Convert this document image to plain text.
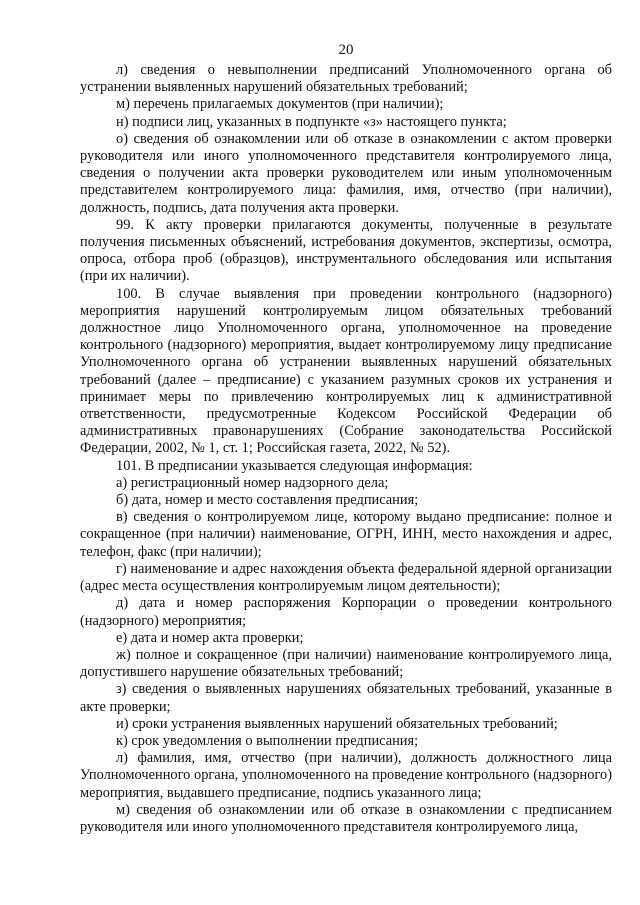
20

л) сведения о невыполнении предписаний Уполномоченного органа об устранении выявленных нарушений обязательных требований;

м) перечень прилагаемых документов (при наличии);

н) подписи лиц, указанных в подпункте «з» настоящего пункта;

о) сведения об ознакомлении или об отказе в ознакомлении с актом проверки руководителя или иного уполномоченного представителя контролируемого лица, сведения о получении акта проверки руководителем или иным уполномоченным представителем контролируемого лица: фамилия, имя, отчество (при наличии), должность, подпись, дата получения акта проверки.

99. К акту проверки прилагаются документы, полученные в результате получения письменных объяснений, истребования документов, экспертизы, осмотра, опроса, отбора проб (образцов), инструментального обследования или испытания (при их наличии).

100. В случае выявления при проведении контрольного (надзорного) мероприятия нарушений контролируемым лицом обязательных требований должностное лицо Уполномоченного органа, уполномоченное на проведение контрольного (надзорного) мероприятия, выдает контролируемому лицу предписание Уполномоченного органа об устранении выявленных нарушений обязательных требований (далее – предписание) с указанием разумных сроков их устранения и принимает меры по привлечению контролируемых лиц к административной ответственности, предусмотренные Кодексом Российской Федерации об административных правонарушениях (Собрание законодательства Российской Федерации, 2002, № 1, ст. 1; Российская газета, 2022, № 52).

101. В предписании указывается следующая информация:

а) регистрационный номер надзорного дела;

б) дата, номер и место составления предписания;

в) сведения о контролируемом лице, которому выдано предписание: полное и сокращенное (при наличии) наименование, ОГРН, ИНН, место нахождения и адрес, телефон, факс (при наличии);

г) наименование и адрес нахождения объекта федеральной ядерной организации (адрес места осуществления контролируемым лицом деятельности);

д) дата и номер распоряжения Корпорации о проведении контрольного (надзорного) мероприятия;

е) дата и номер акта проверки;

ж) полное и сокращенное (при наличии) наименование контролируемого лица, допустившего нарушение обязательных требований;

з) сведения о выявленных нарушениях обязательных требований, указанные в акте проверки;

и) сроки устранения выявленных нарушений обязательных требований;

к) срок уведомления о выполнении предписания;

л) фамилия, имя, отчество (при наличии), должность должностного лица Уполномоченного органа, уполномоченного на проведение контрольного (надзорного) мероприятия, выдавшего предписание, подпись указанного лица;

м) сведения об ознакомлении или об отказе в ознакомлении с предписанием руководителя или иного уполномоченного представителя контролируемого лица,
